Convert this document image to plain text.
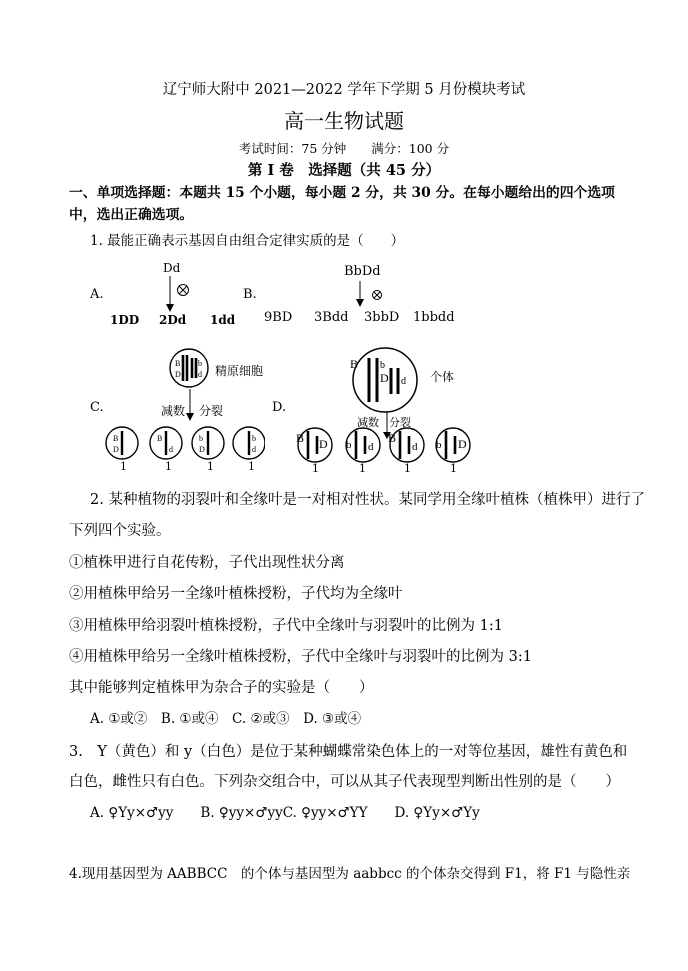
辽宁师大附中 2021—2022 学年下学期 5 月份模块考试
高一生物试题
考试时间：75 分钟　　满分：100 分
第 I 卷　选择题（共 45 分）
一、单项选择题：本题共 15 个小题，每小题 2 分，共 30 分。在每小题给出的四个选项
中，选出正确选项。
1. 最能正确表示基因自由组合定律实质的是（　　）
A.
Dd
1DD 2Dd 1dd
B.
BbDd
9BD 3Bdd 3bbD 1bbdd
C.
B
D
b
d 精原细胞
减数 分裂
B
D
B
d
b
D
b
d
1	1	1	1
D.
B b
D d 个体
减数 分裂
B D b d
B
d b D
1	1	1	1
2. 某种植物的羽裂叶和全缘叶是一对相对性状。某同学用全缘叶植株（植株甲）进行了
下列四个实验。
①植株甲进行自花传粉，子代出现性状分离
②用植株甲给另一全缘叶植株授粉，子代均为全缘叶
③用植株甲给羽裂叶植株授粉，子代中全缘叶与羽裂叶的比例为 1:1
④用植株甲给另一全缘叶植株授粉，子代中全缘叶与羽裂叶的比例为 3:1
其中能够判定植株甲为杂合子的实验是（　　）
A. ①或②　B. ①或④　C. ②或③　D. ③或④
3.　Y（黄色）和 y（白色）是位于某种蝴蝶常染色体上的一对等位基因，雄性有黄色和
白色，雌性只有白色。下列杂交组合中，可以从其子代表现型判断出性别的是（　　）
A. ♀Yy×♂yy　　B. ♀yy×♂yyC. ♀yy×♂YY　　D. ♀Yy×♂Yy
4.现用基因型为 AABBCC　的个体与基因型为 aabbcc 的个体杂交得到 F1，将 F1 与隐性亲
